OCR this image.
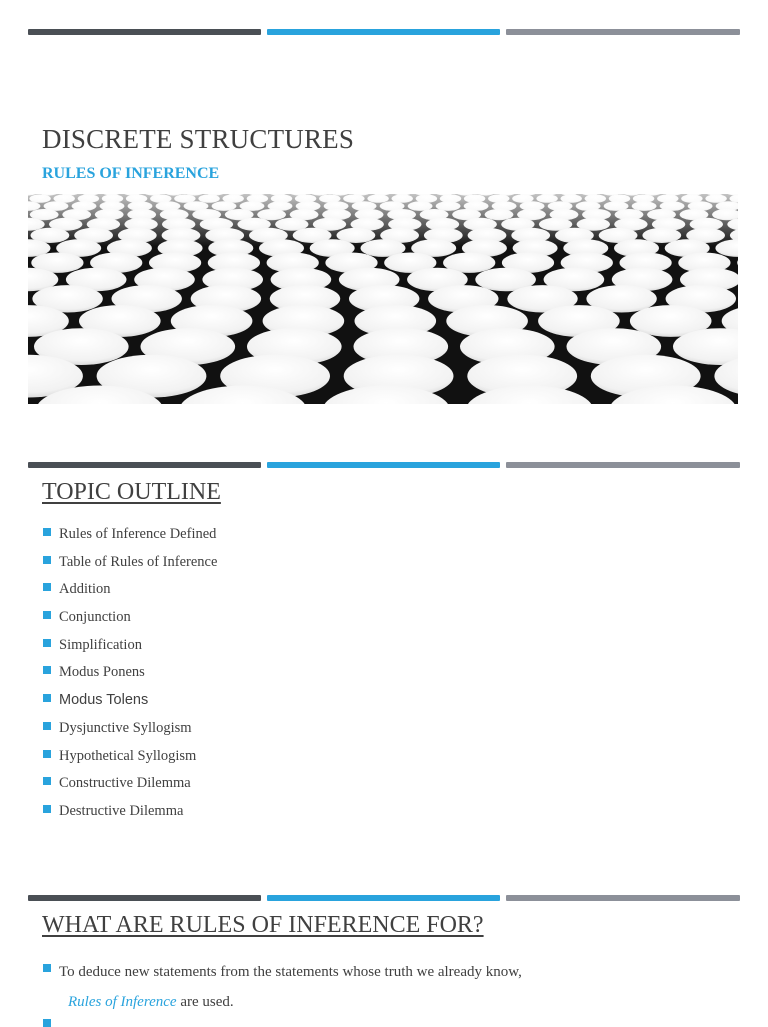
DISCRETE STRUCTURES
RULES OF INFERENCE
TOPIC OUTLINE
Rules of Inference Defined
Table of Rules of Inference
Addition
Conjunction
Simplification
Modus Ponens
Modus Tolens
Dysjunctive Syllogism
Hypothetical Syllogism
Constructive Dilemma
Destructive Dilemma
WHAT ARE RULES OF INFERENCE FOR?

To deduce new statements from the statements whose truth we already know,
Rules of Inference are used.
